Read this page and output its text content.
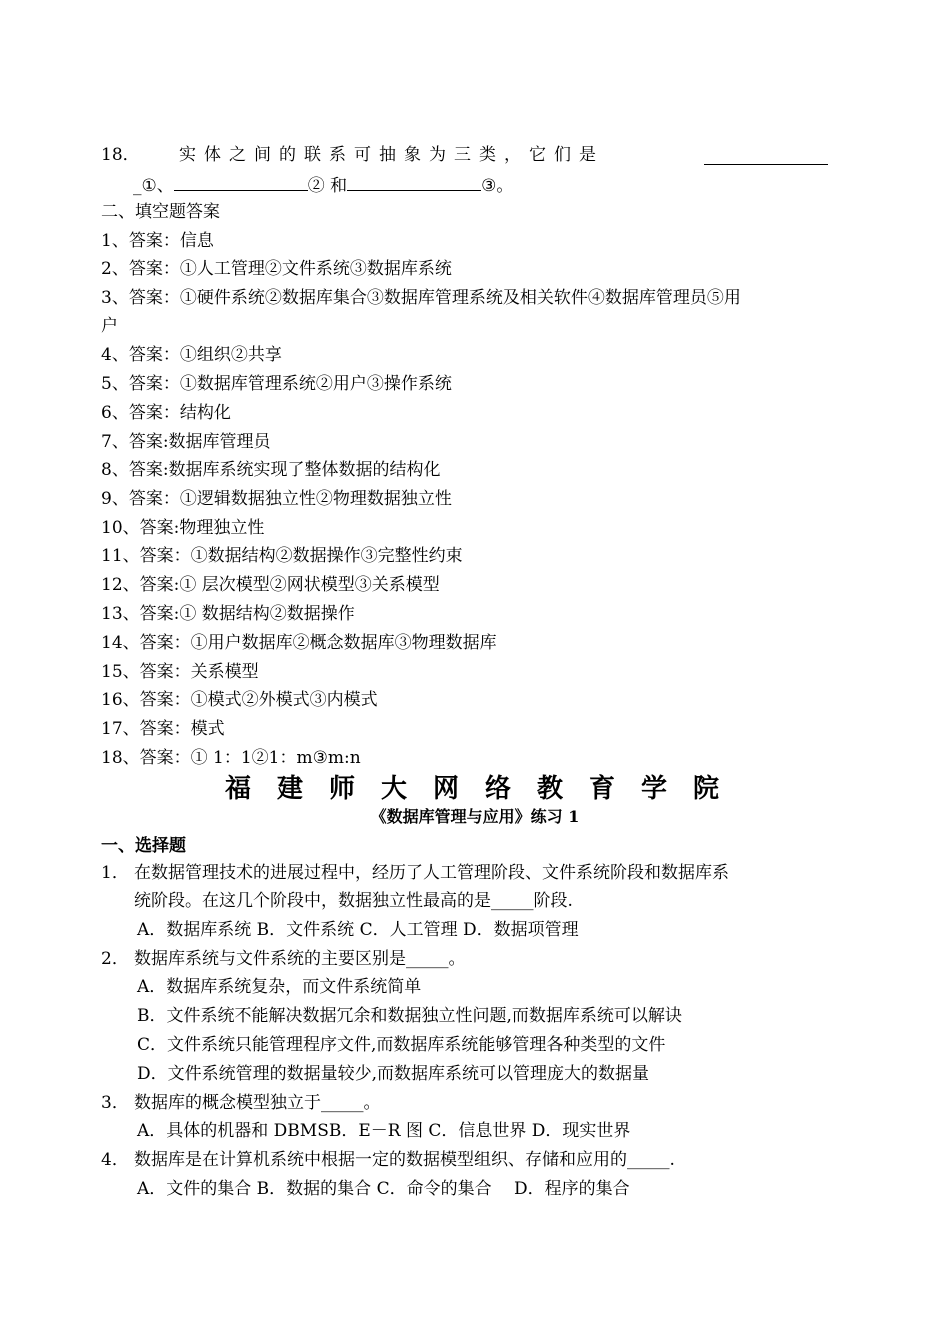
18． 实体之间的联系可抽象为三类，它们是
_①、	② 和	③。
二、填空题答案
1、答案：信息
2、答案：①人工管理②文件系统③数据库系统
3、答案：①硬件系统②数据库集合③数据库管理系统及相关软件④数据库管理员⑤用
户
4、答案：①组织②共享
5、答案：①数据库管理系统②用户③操作系统
6、答案：结构化
7、答案:数据库管理员
8、答案:数据库系统实现了整体数据的结构化
9、答案：①逻辑数据独立性②物理数据独立性
10、答案:物理独立性
11、答案：①数据结构②数据操作③完整性约束
12、答案:① 层次模型②网状模型③关系模型
13、答案:① 数据结构②数据操作
14、答案：①用户数据库②概念数据库③物理数据库
15、答案：关系模型
16、答案：①模式②外模式③内模式
17、答案：模式
18、答案：① 1：1②1：m③m:n
福建师大网络教育学院
《数据库管理与应用》练习 1
一、选择题
1． 在数据管理技术的进展过程中，经历了人工管理阶段、文件系统阶段和数据库系
统阶段。在这几个阶段中，数据独立性最高的是_____阶段.
A．数据库系统 B．文件系统 C．人工管理 D．数据项管理
2． 数据库系统与文件系统的主要区别是_____。
A．数据库系统复杂，而文件系统简单
B．文件系统不能解决数据冗余和数据独立性问题,而数据库系统可以解诀
C．文件系统只能管理程序文件,而数据库系统能够管理各种类型的文件
D．文件系统管理的数据量较少,而数据库系统可以管理庞大的数据量
3． 数据库的概念模型独立于_____。
A．具体的机器和 DBMSB．E－R 图 C．信息世界 D．现实世界
4． 数据库是在计算机系统中根据一定的数据模型组织、存储和应用的_____.
A．文件的集合 B．数据的集合 C．命令的集合　 D．程序的集合
